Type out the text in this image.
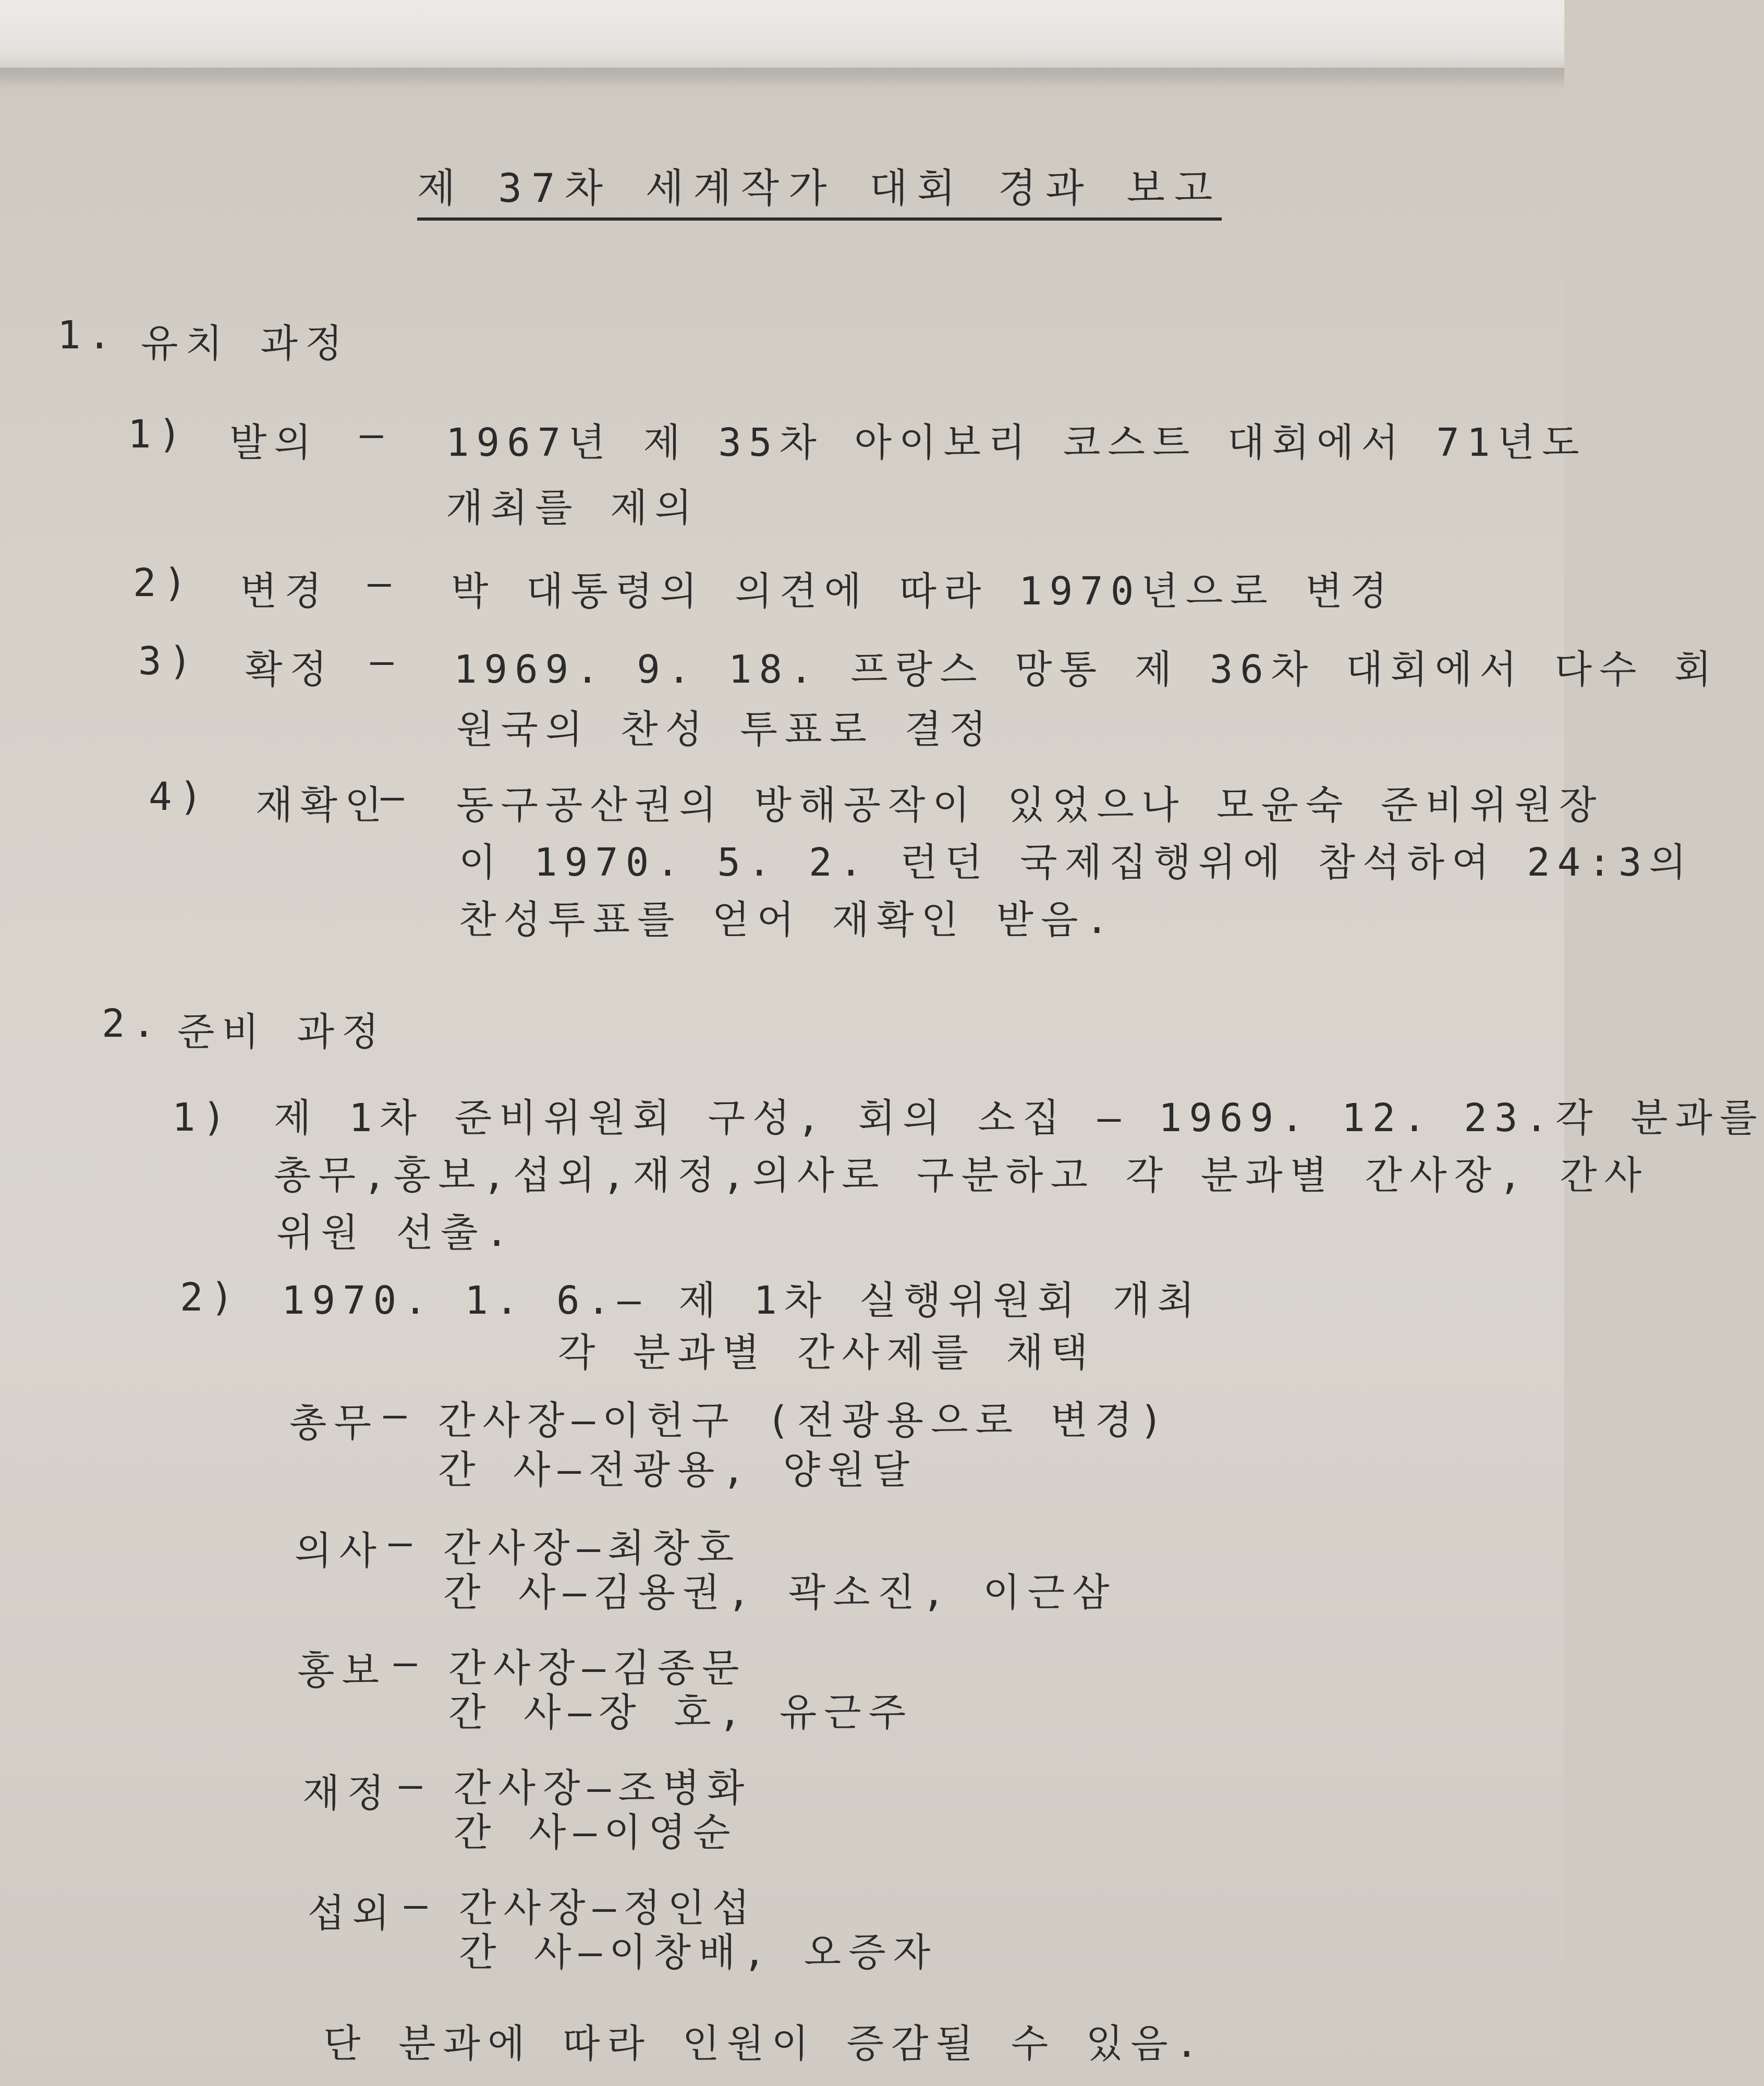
제 37차 세계작가 대회 경과 보고
1. 유치 과정
1) 발의 — 1967년 제 35차 아이보리 코스트 대회에서 71년도
개최를 제의
2) 변경 — 박 대통령의 의견에 따라 1970년으로 변경
3) 확정 — 1969. 9. 18. 프랑스 망통 제 36차 대회에서 다수 회
원국의 찬성 투표로 결정
4) 재확인
— 동구공산권의 방해공작이 있었으나 모윤숙 준비위원장
이 1970. 5. 2. 런던 국제집행위에 참석하여 24:3의
찬성투표를 얻어 재확인 받음.
2. 준비 과정
1) 제 1차 준비위원회 구성, 회의 소집 — 1969. 12. 23.각 분과를
총무,홍보,섭외,재정,의사로 구분하고 각 분과별 간사장, 간사
위원 선출.
2) 1970. 1. 6.— 제 1차 실행위원회 개최
각 분과별 간사제를 채택
총무 — 간사장—이헌구 (전광용으로 변경)
간 사—전광용, 양원달
의사 — 간사장—최창호
간 사—김용권, 곽소진, 이근삼
홍보 — 간사장—김종문
간 사—장 호, 유근주
재정 — 간사장—조병화
간 사—이영순
섭외 — 간사장—정인섭
간 사—이창배, 오증자
단 분과에 따라 인원이 증감될 수 있음.
